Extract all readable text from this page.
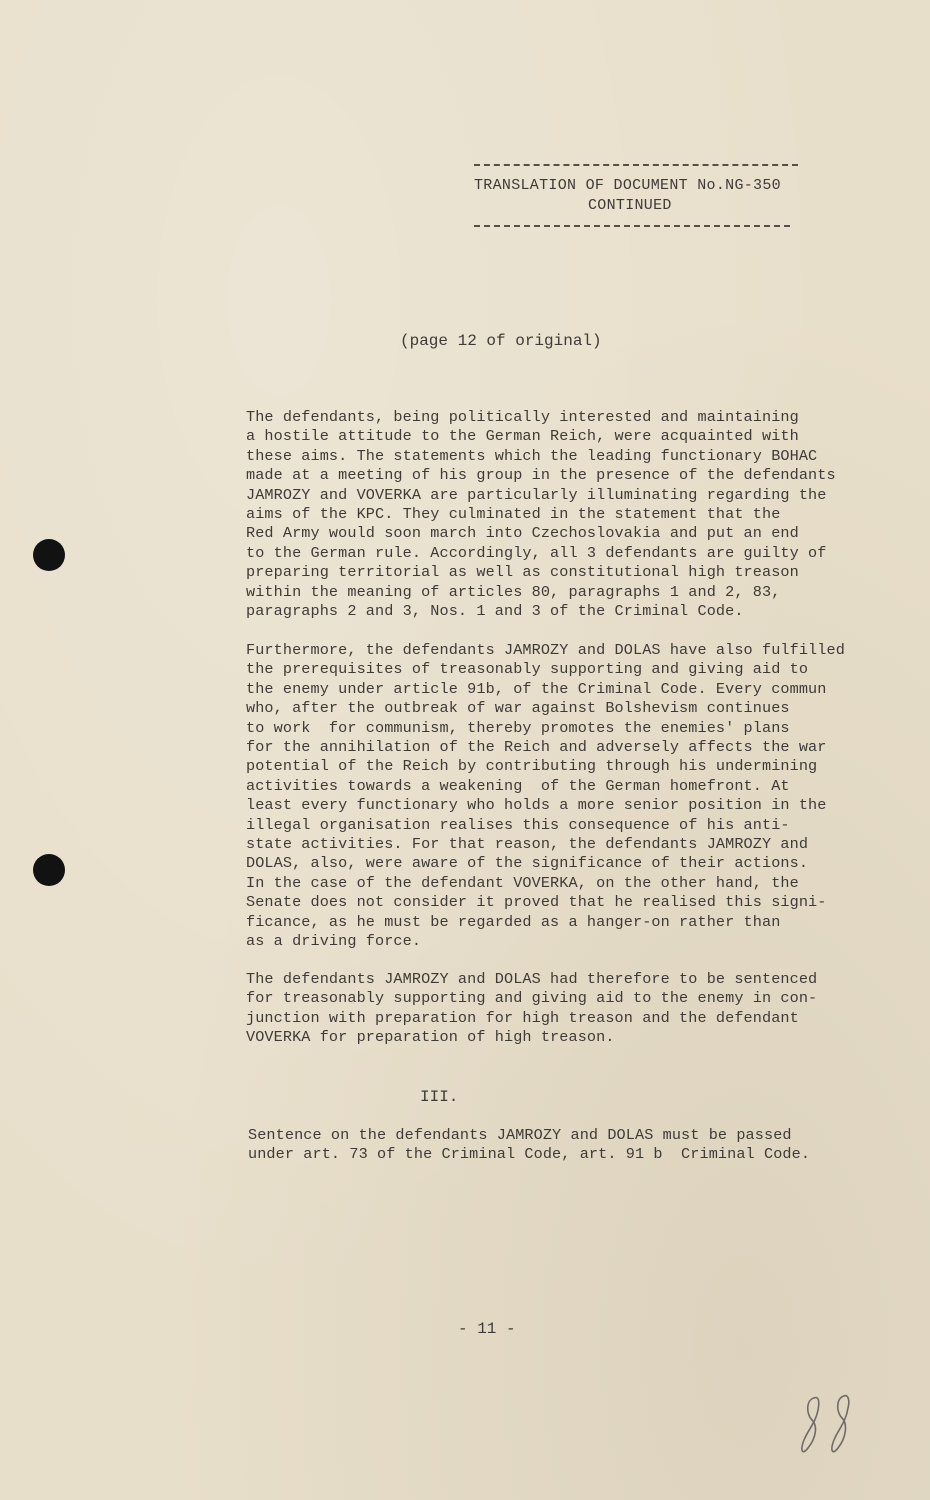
TRANSLATION OF DOCUMENT No.NG-350
CONTINUED
(page 12 of original)

The defendants, being politically interested and maintaining
a hostile attitude to the German Reich, were acquainted with
these aims. The statements which the leading functionary BOHAC
made at a meeting of his group in the presence of the defendants
JAMROZY and VOVERKA are particularly illuminating regarding the
aims of the KPC. They culminated in the statement that the
Red Army would soon march into Czechoslovakia and put an end
to the German rule. Accordingly, all 3 defendants are guilty of
preparing territorial as well as constitutional high treason
within the meaning of articles 80, paragraphs 1 and 2, 83,
paragraphs 2 and 3, Nos. 1 and 3 of the Criminal Code.

Furthermore, the defendants JAMROZY and DOLAS have also fulfilled
the prerequisites of treasonably supporting and giving aid to
the enemy under article 91b, of the Criminal Code. Every commun
who, after the outbreak of war against Bolshevism continues
to work  for communism, thereby promotes the enemies' plans
for the annihilation of the Reich and adversely affects the war
potential of the Reich by contributing through his undermining
activities towards a weakening  of the German homefront. At
least every functionary who holds a more senior position in the
illegal organisation realises this consequence of his anti-
state activities. For that reason, the defendants JAMROZY and
DOLAS, also, were aware of the significance of their actions.
In the case of the defendant VOVERKA, on the other hand, the
Senate does not consider it proved that he realised this signi-
ficance, as he must be regarded as a hanger-on rather than
as a driving force.

The defendants JAMROZY and DOLAS had therefore to be sentenced
for treasonably supporting and giving aid to the enemy in con-
junction with preparation for high treason and the defendant
VOVERKA for preparation of high treason.

III.

Sentence on the defendants JAMROZY and DOLAS must be passed
under art. 73 of the Criminal Code, art. 91 b  Criminal Code.

- 11 -
